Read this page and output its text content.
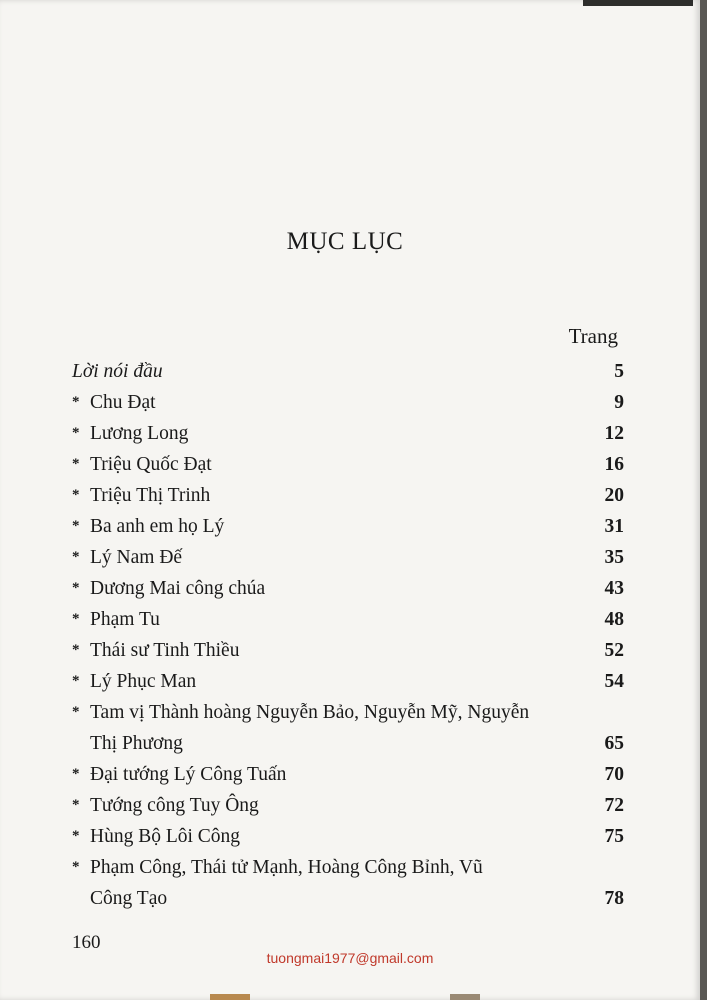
MỤC LỤC
Trang
Lời nói đầu	5
* Chu Đạt	9
* Lương Long	12
* Triệu Quốc Đạt	16
* Triệu Thị Trinh	20
* Ba anh em họ Lý	31
* Lý Nam Đế	35
* Dương Mai công chúa	43
* Phạm Tu	48
* Thái sư Tinh Thiều	52
* Lý Phục Man	54
* Tam vị Thành hoàng Nguyễn Bảo, Nguyễn Mỹ, Nguyễn
Thị Phương	65
* Đại tướng Lý Công Tuấn	70
* Tướng công Tuy Ông	72
* Hùng Bộ Lôi Công	75
* Phạm Công, Thái tử Mạnh, Hoàng Công Bỉnh, Vũ
Công Tạo	78
160
tuongmai1977@gmail.com
